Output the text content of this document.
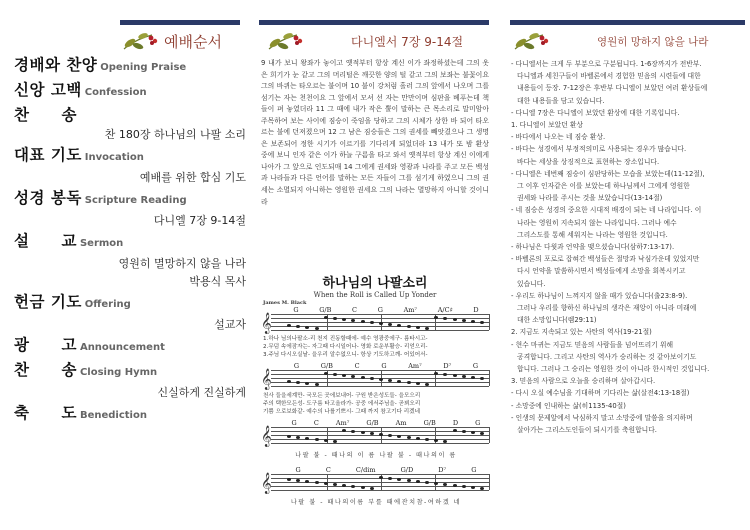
예배순서
경배와 찬양 Opening Praise
신앙 고백 Confession
찬　　송
찬 180장 하나님의 나팔 소리
대표 기도 Invocation
예배를 위한 합심 기도
성경 봉독 Scripture Reading
다니엘 7장 9-14절
설　　교 Sermon
영원히 멸망하지 않을 나라
박용식 목사
헌금 기도 Offering
설교자
광　　고 Announcement
찬　　송 Closing Hymn
신실하게 진실하게
축　　도 Benediction
다니엘서 7장 9-14절
9 내가 보니 왕좌가 놓이고 옛적부터 항상 계신 이가 좌정하셨는데 그의 옷은 희기가 눈 같고 그의 머리털은 깨끗한 양의 털 같고 그의 보좌는 불꽃이요 그의 바퀴는 타오르는 불이며 10 불이 강처럼 흘러 그의 앞에서 나오며 그를 섬기는 자는 천천이요 그 앞에서 모셔 선 자는 만만이며 심판을 베푸는데 책들이 펴 놓였더라 11 그 때에 내가 작은 뿔이 말하는 큰 목소리로 말미암아 주목하여 보는 사이에 짐승이 죽임을 당하고 그의 시체가 상한 바 되어 타오르는 불에 던져졌으며 12 그 남은 짐승들은 그의 권세를 빼앗겼으나 그 생명은 보존되어 정한 시기가 이르기를 기다리게 되었더라 13 내가 또 밤 환상 중에 보니 인자 같은 이가 하늘 구름을 타고 와서 옛적부터 항상 계신 이에게 나아가 그 앞으로 인도되매 14 그에게 권세와 영광과 나라를 주고 모든 백성과 나라들과 다른 언어를 말하는 모든 자들이 그를 섬기게 하였으니 그의 권세는 소멸되지 아니하는 영원한 권세요 그의 나라는 멸망하지 아니할 것이니라
하나님의 나팔소리
When the Roll is Called Up Yonder
James M. Black
G	G/B	C	G	Am⁷	A/C♯	D
𝄞
1.하나 님의나팔소-리 천지 진동할때에- 예수 영광중에구- 름타시고-
2.무덤 속에잠자는- 자그때 다시일어나- 영화 로운부활승- 리얻으리-
3.주님 다시오실날- 을우리 알수없으니- 항상 기도하고깨- 어있어서-
G	G/B	C	G	Am⁷	D⁷	G
𝄞
천사 들을세계만- 국모든 곳에보내어- 구원 받은성도들- 을모으리
주의 택한모든성- 도구름 타고올라가- 공중 에서주님을- 곧뵈오리
기쁨 으로보화같- 예수의 나를기쁘시- 그때 까지 참고기다 리겠네
G	C	Am⁷	G/B	Am	G/B	D	G
𝄞
나팔 불 - 때나의 이 름 나팔 불 - 때나의이 름
G	C	C/dim	G/D	D⁷	G
𝄞
나팔 불 - 때나의이름 부를 때에잔치참-여하겠 네
영원히 망하지 않을 나라
- 다니엘서는 크게 두 부분으로 구분됩니다. 1-6장까지가 전반부.
다니엘과 세친구들이 바벨론에서 경험한 믿음의 시련들에 대한
내용들이 등장. 7-12장은 후반부 다니엘이 보았던 여러 환상들에
대한 내용들을 담고 있습니다.
- 다니엘 7장은 다니엘이 보았던 환상에 대한 기록입니다.
1. 다니엘이 보았던 환상
- 바다에서 나오는 네 짐승 환상.
- 바다는 성경에서 부정적의미로 사용되는 경우가 많습니다.
바다는 세상을 상징적으로 표현하는 장소입니다.
- 다니엘은 네번째 짐승이 심판당하는 모습을 보았는데(11-12절),
그 이후 인자같은 이를 보았는데 하나님께서 그에게 영원한
권세와 나라를 주시는 것을 보았습니다(13-14절)
- 네 짐승은 성경의 중요한 시대적 배경이 되는 네 나라입니다. 이
나라는 영원히 지속되지 않는 나라입니다. 그러나 예수
그리스도를 통해 세워지는 나라는 영원한 것입니다.
- 하나님은 다윗과 언약을 맺으셨습니다(삼하7:13-17).
- 바벨론의 포로로 잡혀간 백성들은 절망과 낙심가운데 있었지만
다시 언약을 말씀하시면서 백성들에게 소망을 회복시키고
있습니다.
- 우리도 하나님이 느껴지지 않을 때가 있습니다(출23:8-9).
그러나 우리를 향하신 하나님의 생각은 재앙이 아니라 미래에
대한 소망입니다(렘29:11)
2. 지금도 지속되고 있는 사탄의 역사(19-21절)
- 현수 마귀는 지금도 믿음의 사람들을 넘어뜨리기 위해
공격합니다. 그리고 사탄의 역사가 승리하는 것 같아보이기도
합니다. 그러나 그 승리는 영원한 것이 아니라 한시적인 것입니다.
3. 믿음의 사람으로 오늘을 승리하며 살아갑시다.
- 다시 오실 예수님을 기대하며 기다리는 삶(살전4:13-18절)
- 소망중에 인내하는 삶(히1135-40절)
- 인생의 문제앞에서 낙심하지 말고 소망중에 말씀을 의지하며
살아가는 그리스도인들이 되시기를 축원합니다.
